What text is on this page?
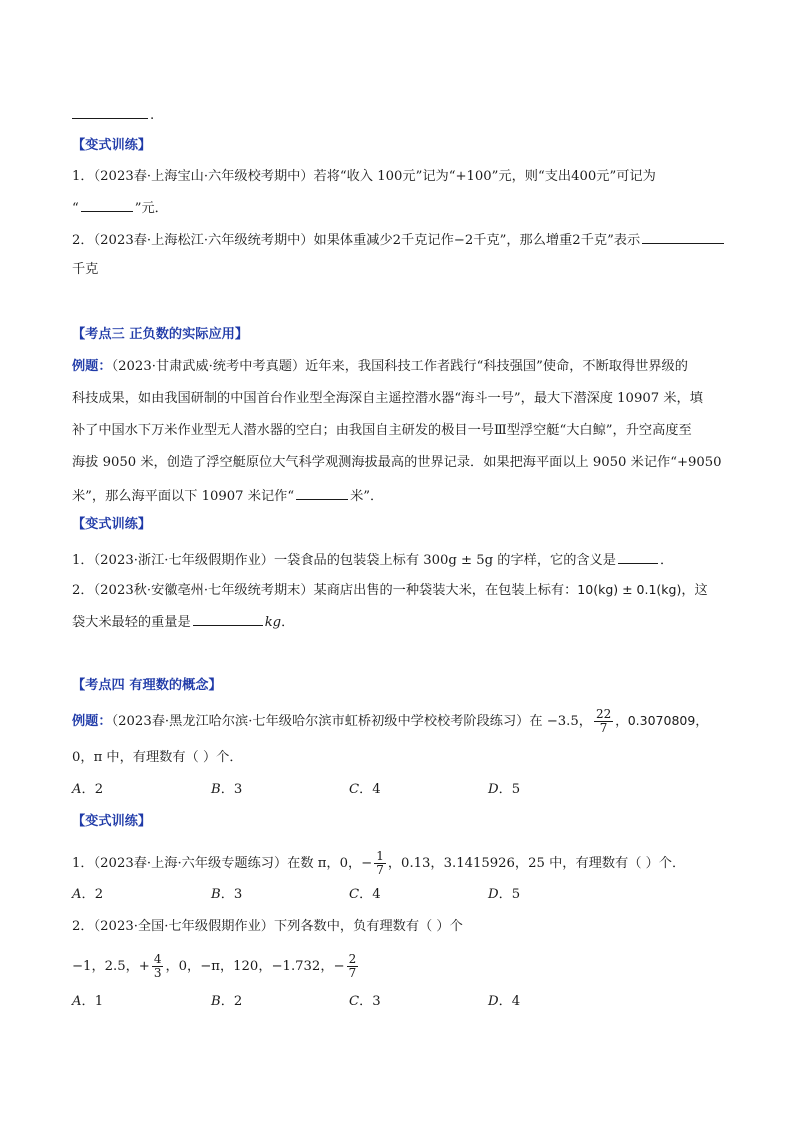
.
【变式训练】
1．（2023春·上海宝山·六年级校考期中）若将“收入 100元”记为“+100”元，则“支出400元”可记为
“	”元．
2．（2023春·上海松江·六年级统考期中）如果体重减少2千克记作−2千克”，那么增重2千克”表示
千克
【考点三 正负数的实际应用】
例题：（2023·甘肃武威·统考中考真题）近年来，我国科技工作者践行“科技强国”使命，不断取得世界级的
科技成果，如由我国研制的中国首台作业型全海深自主遥控潜水器“海斗一号”，最大下潜深度 10907 米，填
补了中国水下万米作业型无人潜水器的空白；由我国自主研发的极目一号Ⅲ型浮空艇“大白鲸”，升空高度至
海拔 9050 米，创造了浮空艇原位大气科学观测海拔最高的世界记录．如果把海平面以上 9050 米记作“+9050
米”，那么海平面以下 10907 米记作“	米”．
【变式训练】
1．（2023·浙江·七年级假期作业）一袋食品的包装袋上标有 300g ± 5g 的字样，它的含义是	．
2．（2023秋·安徽亳州·七年级统考期末）某商店出售的一种袋装大米，在包装上标有：10(kg) ± 0.1(kg)，这
袋大米最轻的重量是	kg．
【考点四 有理数的概念】
例题：（2023春·黑龙江哈尔滨·七年级哈尔滨市虹桥初级中学校校考阶段练习）在 −3.5， $\frac{22}{7}$ ，0.3070809，
0，π 中，有理数有（ ）个．
A．2	B．3	C．4	D．5
【变式训练】
1．（2023春·上海·六年级专题练习）在数 π，0，− $\frac{1}{7}$ ，0.13，3.1415926，25 中，有理数有（ ）个．
A．2	B．3	C．4	D．5
2．（2023·全国·七年级假期作业）下列各数中，负有理数有（ ）个
−1，2.5，+ $\frac{4}{3}$ ，0，−π，120，−1.732，− $\frac{2}{7}$
A．1	B．2	C．3	D．4
